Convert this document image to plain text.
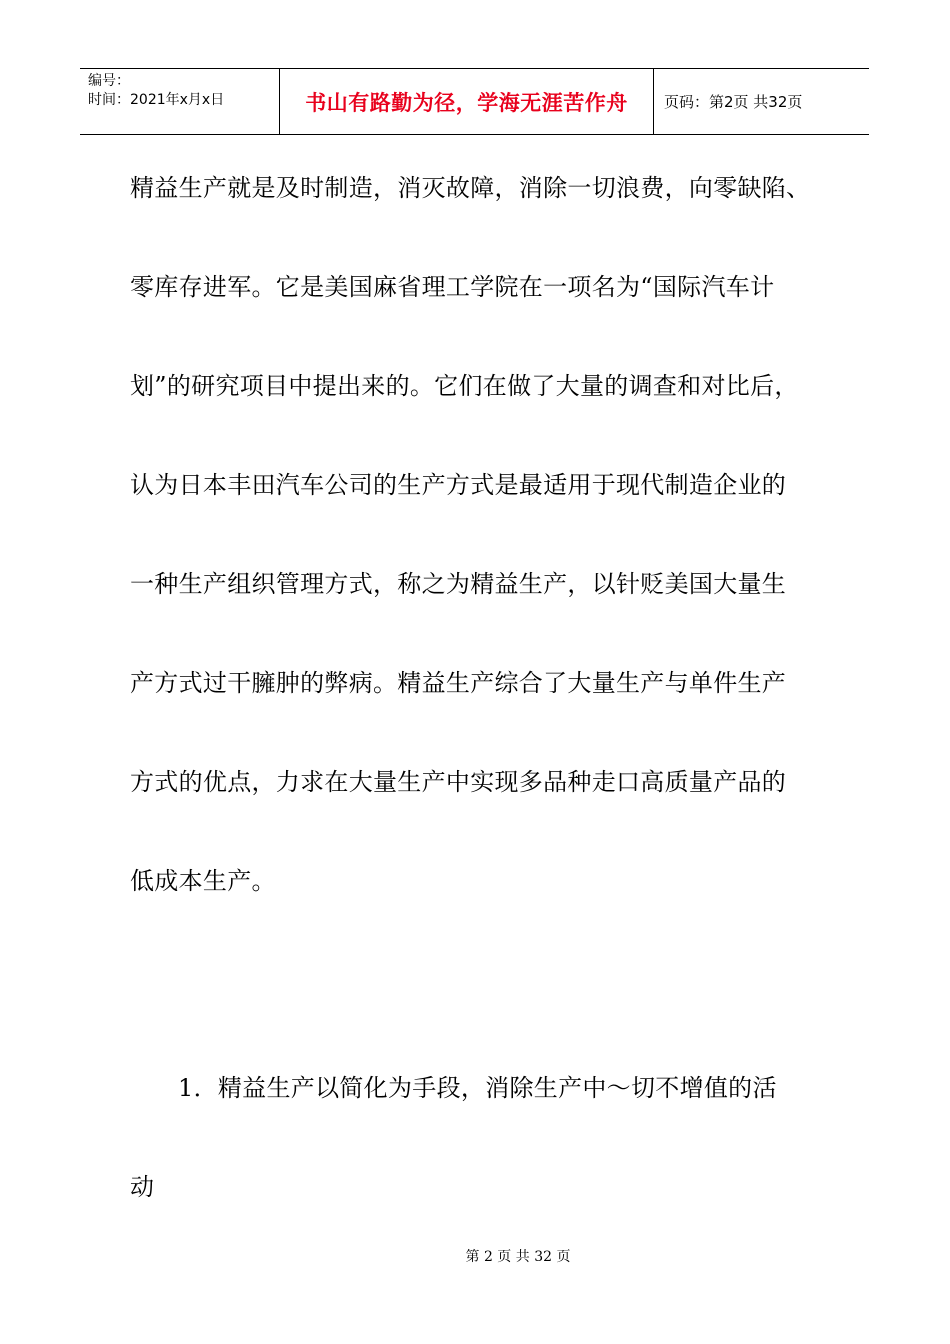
编号：
时间：2021年x月x日	书山有路勤为径，学海无涯苦作舟	页码：第2页 共32页
精益生产就是及时制造，消灭故障，消除一切浪费，向零缺陷、
零库存进军。它是美国麻省理工学院在一项名为“国际汽车计
划”的研究项目中提出来的。它们在做了大量的调查和对比后，
认为日本丰田汽车公司的生产方式是最适用于现代制造企业的
一种生产组织管理方式，称之为精益生产，以针贬美国大量生
产方式过干臃肿的弊病。精益生产综合了大量生产与单件生产
方式的优点，力求在大量生产中实现多品种走口高质量产品的
低成本生产。
1．精益生产以简化为手段，消除生产中～切不增值的活
动
第 2 页 共 32 页
